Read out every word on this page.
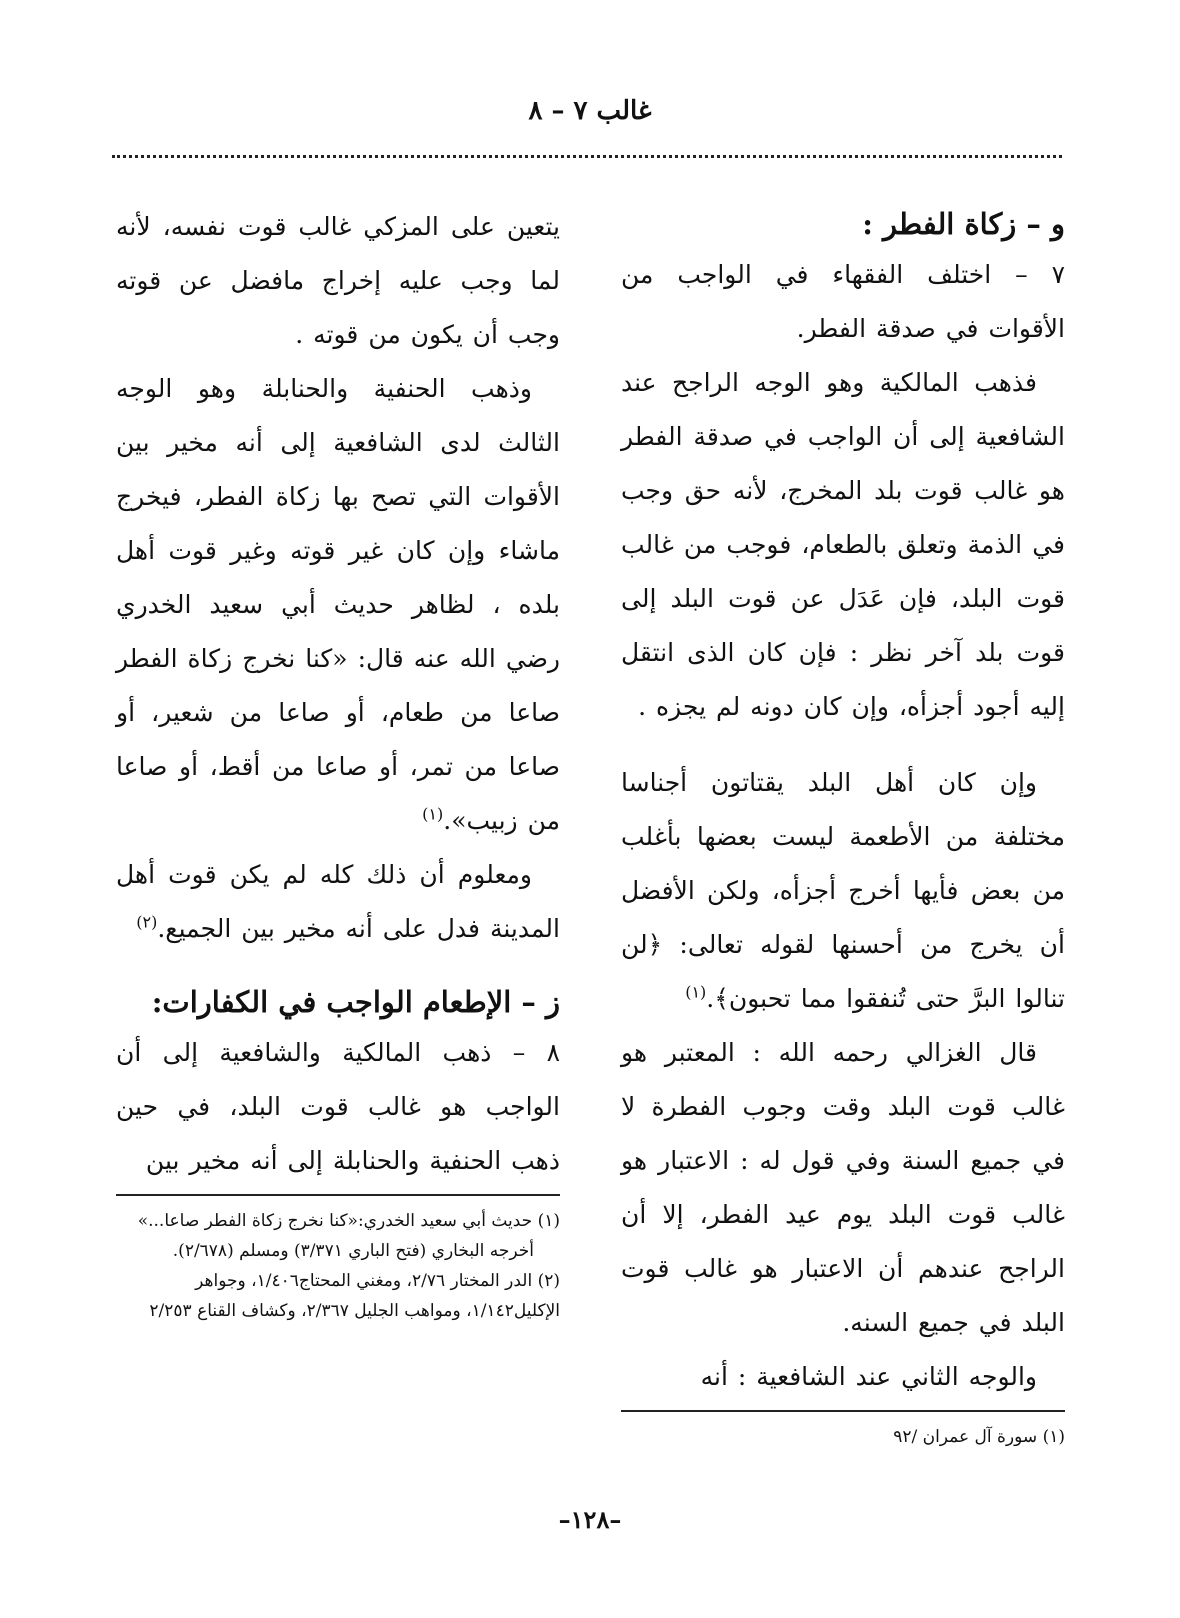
غالب ٧ – ٨
و – زكاة الفطر :

٧ – اختلف الفقهاء في الواجب من الأقوات في صدقة الفطر.

فذهب المالكية وهو الوجه الراجح عند الشافعية إلى أن الواجب في صدقة الفطر هو غالب قوت بلد المخرج، لأنه حق وجب في الذمة وتعلق بالطعام، فوجب من غالب قوت البلد، فإن عَدَل عن قوت البلد إلى قوت بلد آخر نظر : فإن كان الذى انتقل إليه أجود أجزأه، وإن كان دونه لم يجزه .

وإن كان أهل البلد يقتاتون أجناسا مختلفة من الأطعمة ليست بعضها بأغلب من بعض فأيها أخرج أجزأه، ولكن الأفضل أن يخرج من أحسنها لقوله تعالى: ﴿لن تنالوا البرَّ حتى تُنفقوا مما تحبون﴾.$^{(١)}$

قال الغزالي رحمه الله : المعتبر هو غالب قوت البلد وقت وجوب الفطرة لا في جميع السنة وفي قول له : الاعتبار هو غالب قوت البلد يوم عيد الفطر، إلا أن الراجح عندهم أن الاعتبار هو غالب قوت البلد في جميع السنه.

والوجه الثاني عند الشافعية : أنه

(١) سورة آل عمران /٩٢

يتعين على المزكي غالب قوت نفسه، لأنه لما وجب عليه إخراج مافضل عن قوته وجب أن يكون من قوته .

وذهب الحنفية والحنابلة وهو الوجه الثالث لدى الشافعية إلى أنه مخير بين الأقوات التي تصح بها زكاة الفطر، فيخرج ماشاء وإن كان غير قوته وغير قوت أهل بلده ، لظاهر حديث أبي سعيد الخدري رضي الله عنه قال: «كنا نخرج زكاة الفطر صاعا من طعام، أو صاعا من شعير، أو صاعا من تمر، أو صاعا من أقط، أو صاعا من زبيب».$^{(١)}$

ومعلوم أن ذلك كله لم يكن قوت أهل المدينة فدل على أنه مخير بين الجميع.$^{(٢)}$

ز – الإطعام الواجب في الكفارات:

٨ – ذهب المالكية والشافعية إلى أن الواجب هو غالب قوت البلد، في حين ذهب الحنفية والحنابلة إلى أنه مخير بين

(١) حديث أبي سعيد الخدري:«كنا نخرج زكاة الفطر صاعا...»

أخرجه البخاري (فتح الباري ٣/٣٧١) ومسلم (٢/٦٧٨).

(٢) الدر المختار ٢/٧٦، ومغني المحتاج١/٤٠٦، وجواهر الإكليل١/١٤٢، ومواهب الجليل ٢/٣٦٧، وكشاف القناع ٢/٢٥٣

–١٢٨–
